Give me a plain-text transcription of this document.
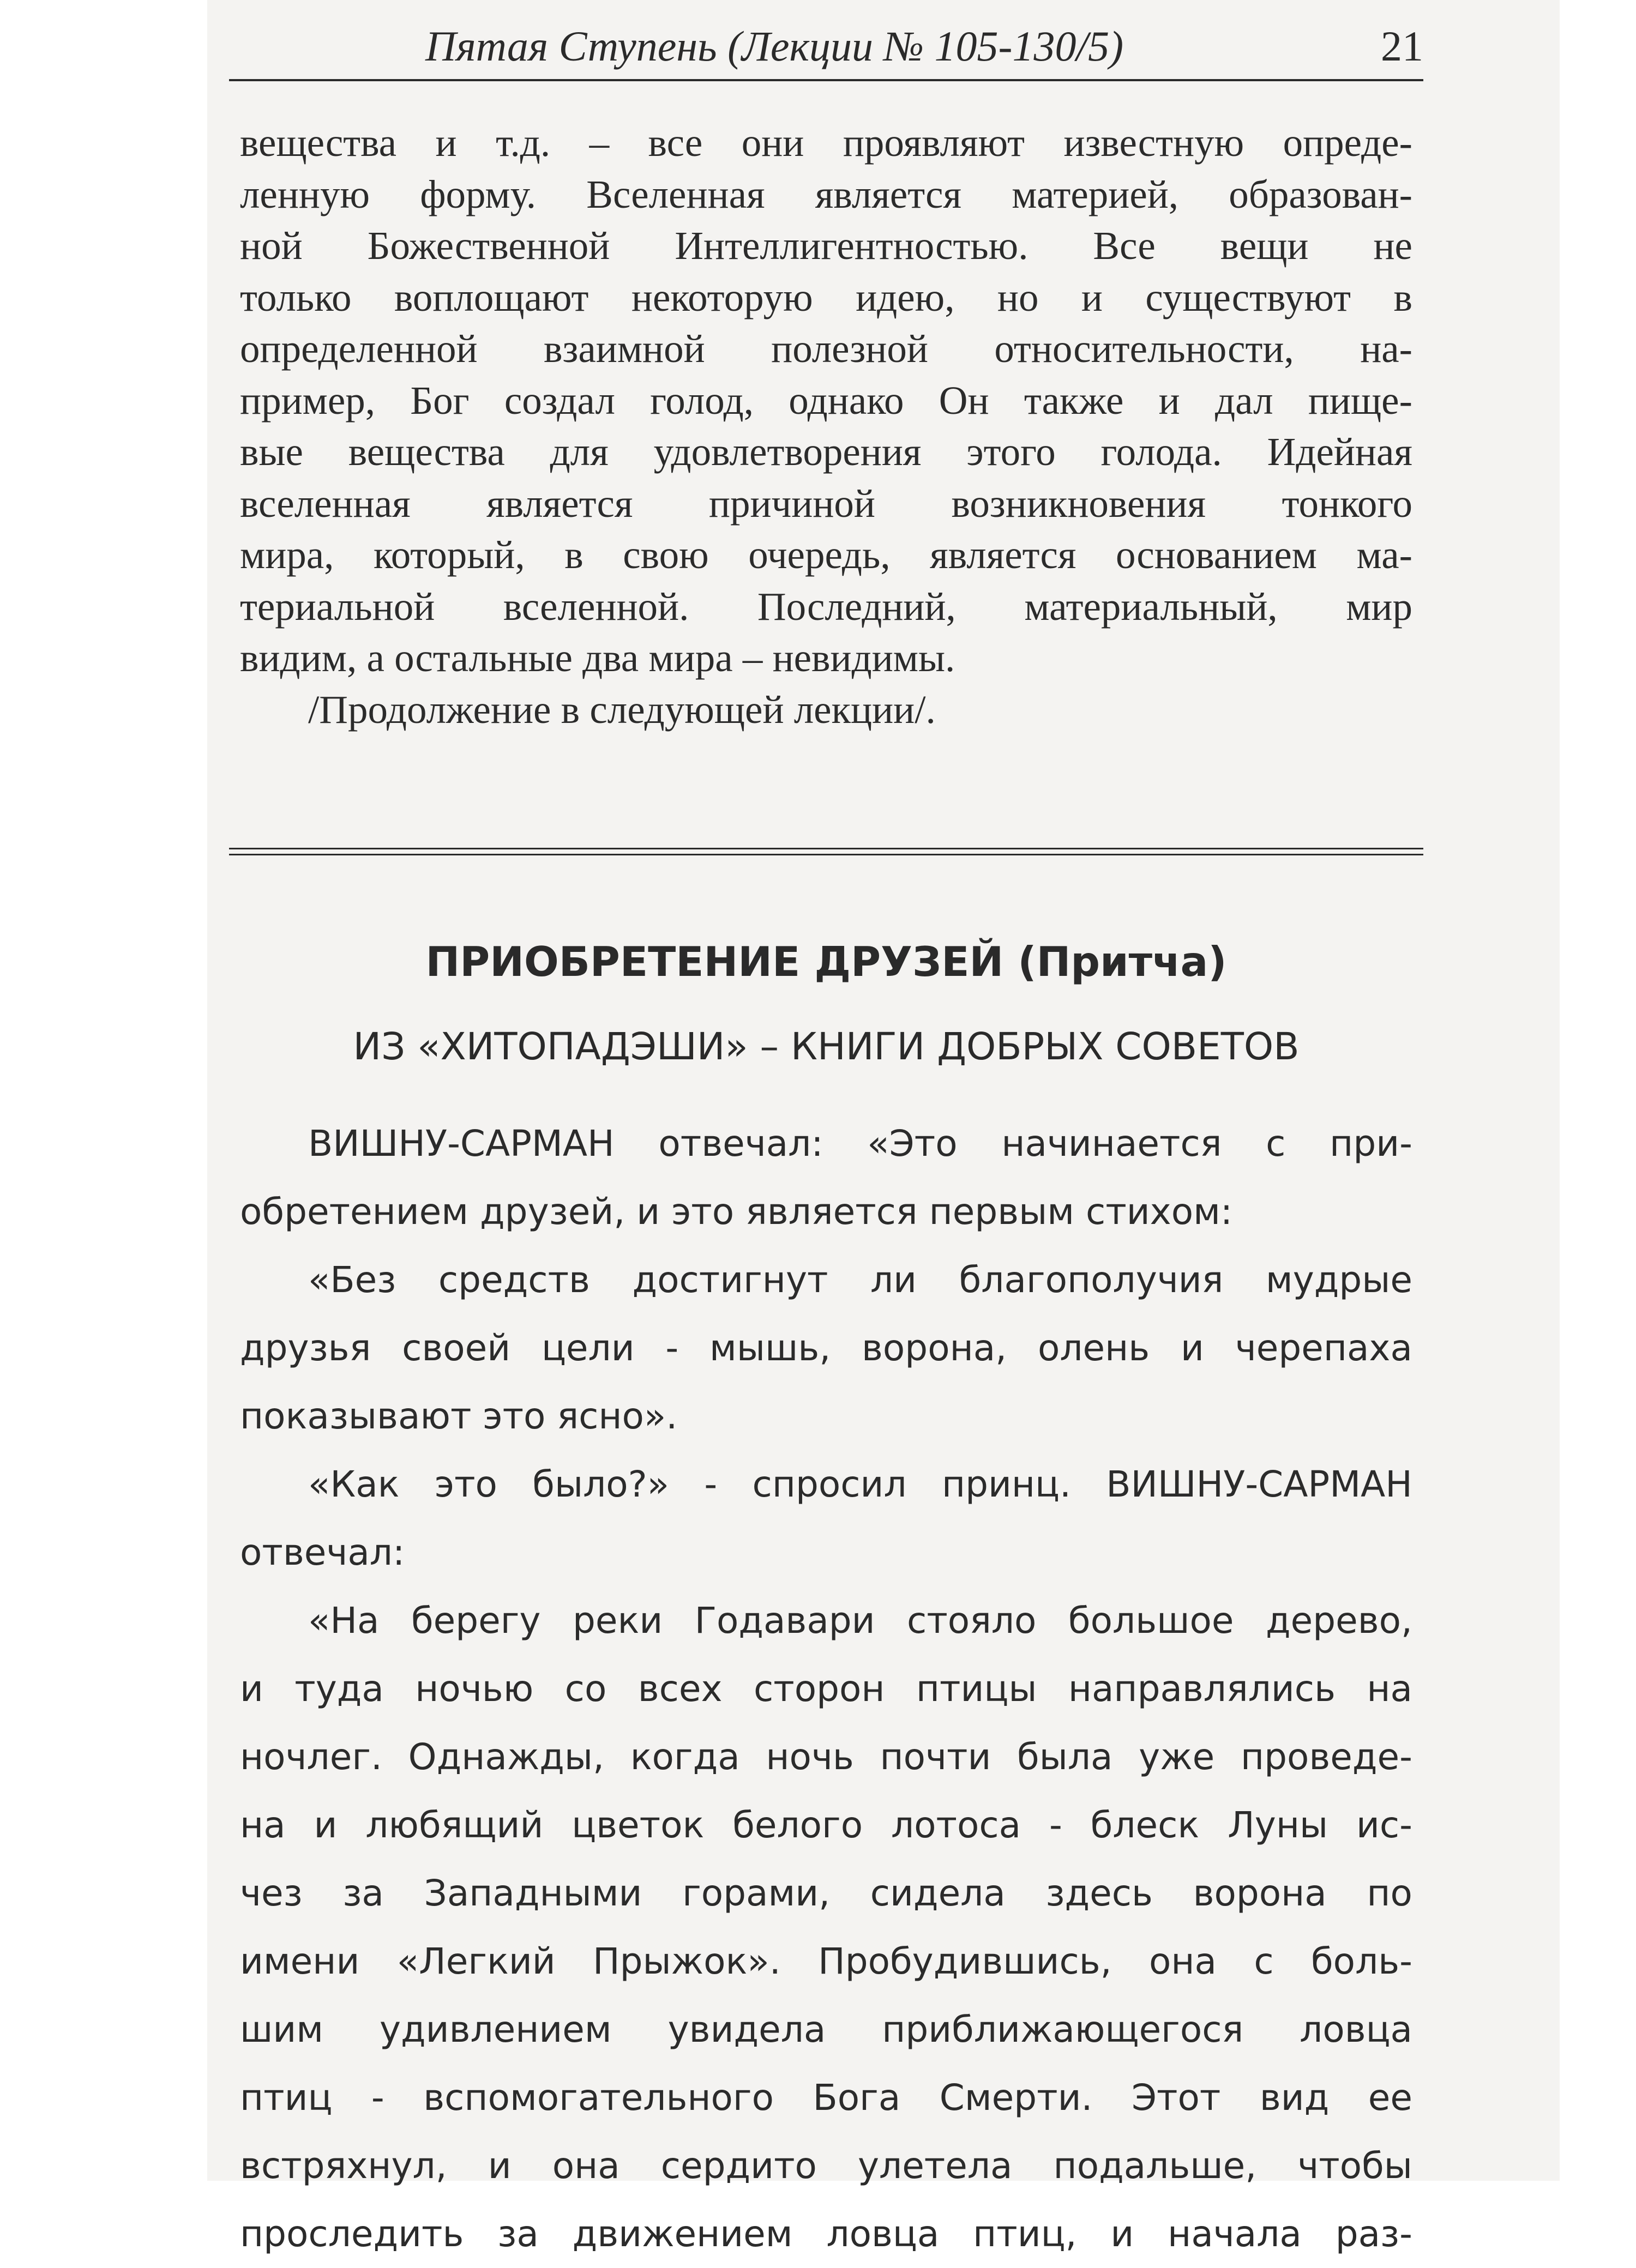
Пятая Ступень (Лекции № 105-130/5)	21
вещества и т.д. – все они проявляют известную опреде-
ленную форму. Вселенная является материей, образован-
ной Божественной Интеллигентностью. Все вещи не
только воплощают некоторую идею, но и существуют в
определенной взаимной полезной относительности, на-
пример, Бог создал голод, однако Он также и дал пище-
вые вещества для удовлетворения этого голода. Идейная
вселенная является причиной возникновения тонкого
мира, который, в свою очередь, является основанием ма-
териальной вселенной. Последний, материальный, мир
видим, а остальные два мира – невидимы.
/Продолжение в следующей лекции/.
ПРИОБРЕТЕНИЕ ДРУЗЕЙ (Притча)
ИЗ «ХИТОПАДЭШИ» – КНИГИ ДОБРЫХ СОВЕТОВ
ВИШНУ-САРМАН отвечал: «Это начинается с при-
обретением друзей, и это является первым стихом:
«Без средств достигнут ли благополучия мудрые
друзья своей цели - мышь, ворона, олень и черепаха
показывают это ясно».
«Как это было?» - спросил принц. ВИШНУ-САРМАН
отвечал:
«На берегу реки Годавари стояло большое дерево,
и туда ночью со всех сторон птицы направлялись на
ночлег. Однажды, когда ночь почти была уже проведе-
на и любящий цветок белого лотоса - блеск Луны ис-
чез за Западными горами, сидела здесь ворона по
имени «Легкий Прыжок». Пробудившись, она с боль-
шим удивлением увидела приближающегося ловца
птиц - вспомогательного Бога Смерти. Этот вид ее
встряхнул, и она сердито улетела подальше, чтобы
проследить за движением ловца птиц, и начала раз-
